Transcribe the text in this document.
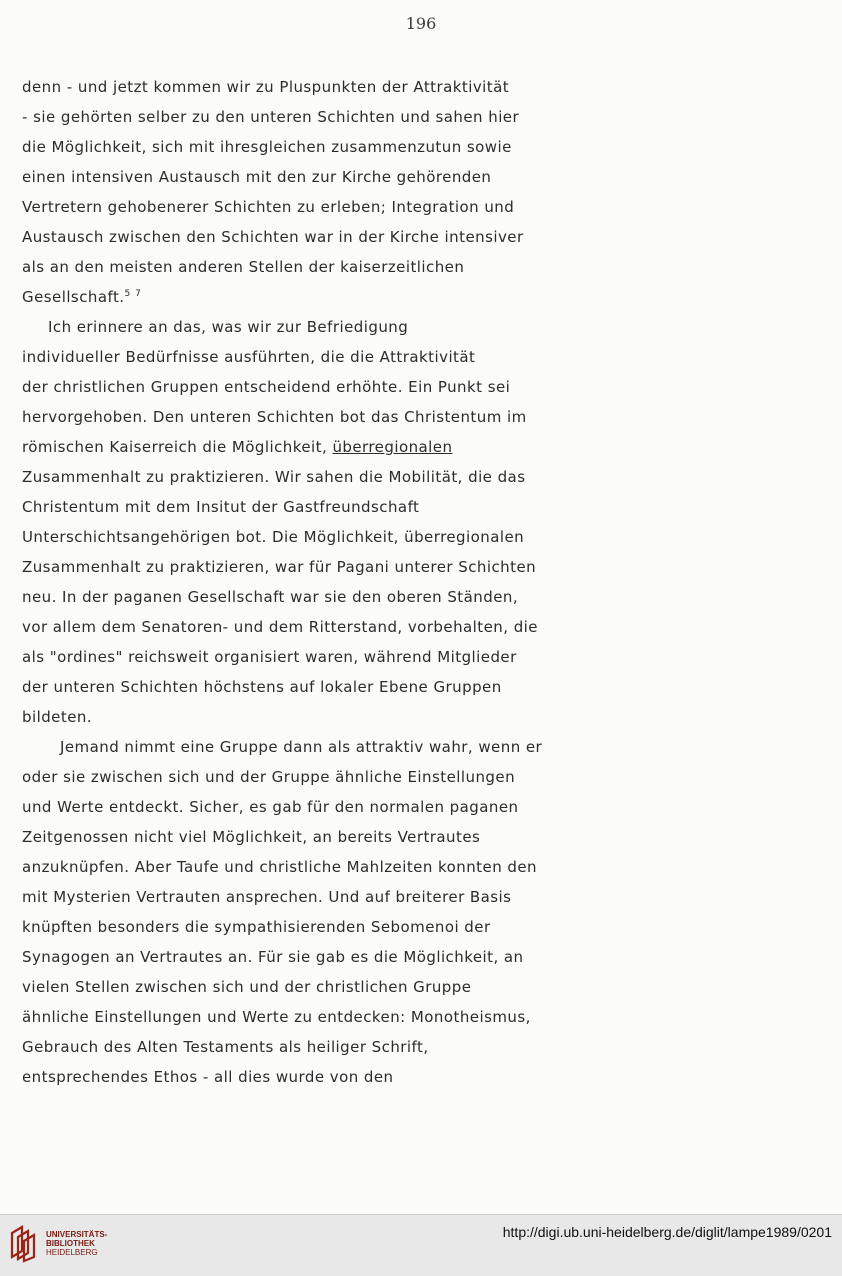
196
denn - und jetzt kommen wir zu Pluspunkten der Attraktivität
- sie gehörten selber zu den unteren Schichten und sahen hier
die Möglichkeit, sich mit ihresgleichen zusammenzutun sowie
einen intensiven Austausch mit den zur Kirche gehörenden
Vertretern gehobenerer Schichten zu erleben; Integration und
Austausch zwischen den Schichten war in der Kirche intensiver
als an den meisten anderen Stellen der kaiserzeitlichen
Gesellschaft.$^{5 7}$
Ich erinnere an das, was wir zur Befriedigung
individueller Bedürfnisse ausführten, die die Attraktivität
der christlichen Gruppen entscheidend erhöhte. Ein Punkt sei
hervorgehoben. Den unteren Schichten bot das Christentum im
römischen Kaiserreich die Möglichkeit, überregionalen
Zusammenhalt zu praktizieren. Wir sahen die Mobilität, die das
Christentum mit dem Insitut der Gastfreundschaft
Unterschichtsangehörigen bot. Die Möglichkeit, überregionalen
Zusammenhalt zu praktizieren, war für Pagani unterer Schichten
neu. In der paganen Gesellschaft war sie den oberen Ständen,
vor allem dem Senatoren- und dem Ritterstand, vorbehalten, die
als "ordines" reichsweit organisiert waren, während Mitglieder
der unteren Schichten höchstens auf lokaler Ebene Gruppen
bildeten.
Jemand nimmt eine Gruppe dann als attraktiv wahr, wenn er
oder sie zwischen sich und der Gruppe ähnliche Einstellungen
und Werte entdeckt. Sicher, es gab für den normalen paganen
Zeitgenossen nicht viel Möglichkeit, an bereits Vertrautes
anzuknüpfen. Aber Taufe und christliche Mahlzeiten konnten den
mit Mysterien Vertrauten ansprechen. Und auf breiterer Basis
knüpften besonders die sympathisierenden Sebomenoi der
Synagogen an Vertrautes an. Für sie gab es die Möglichkeit, an
vielen Stellen zwischen sich und der christlichen Gruppe
ähnliche Einstellungen und Werte zu entdecken: Monotheismus,
Gebrauch des Alten Testaments als heiliger Schrift,
entsprechendes Ethos - all dies wurde von den
UNIVERSITÄTS-
BIBLIOTHEK
HEIDELBERG
http://digi.ub.uni-heidelberg.de/diglit/lampe1989/0201
